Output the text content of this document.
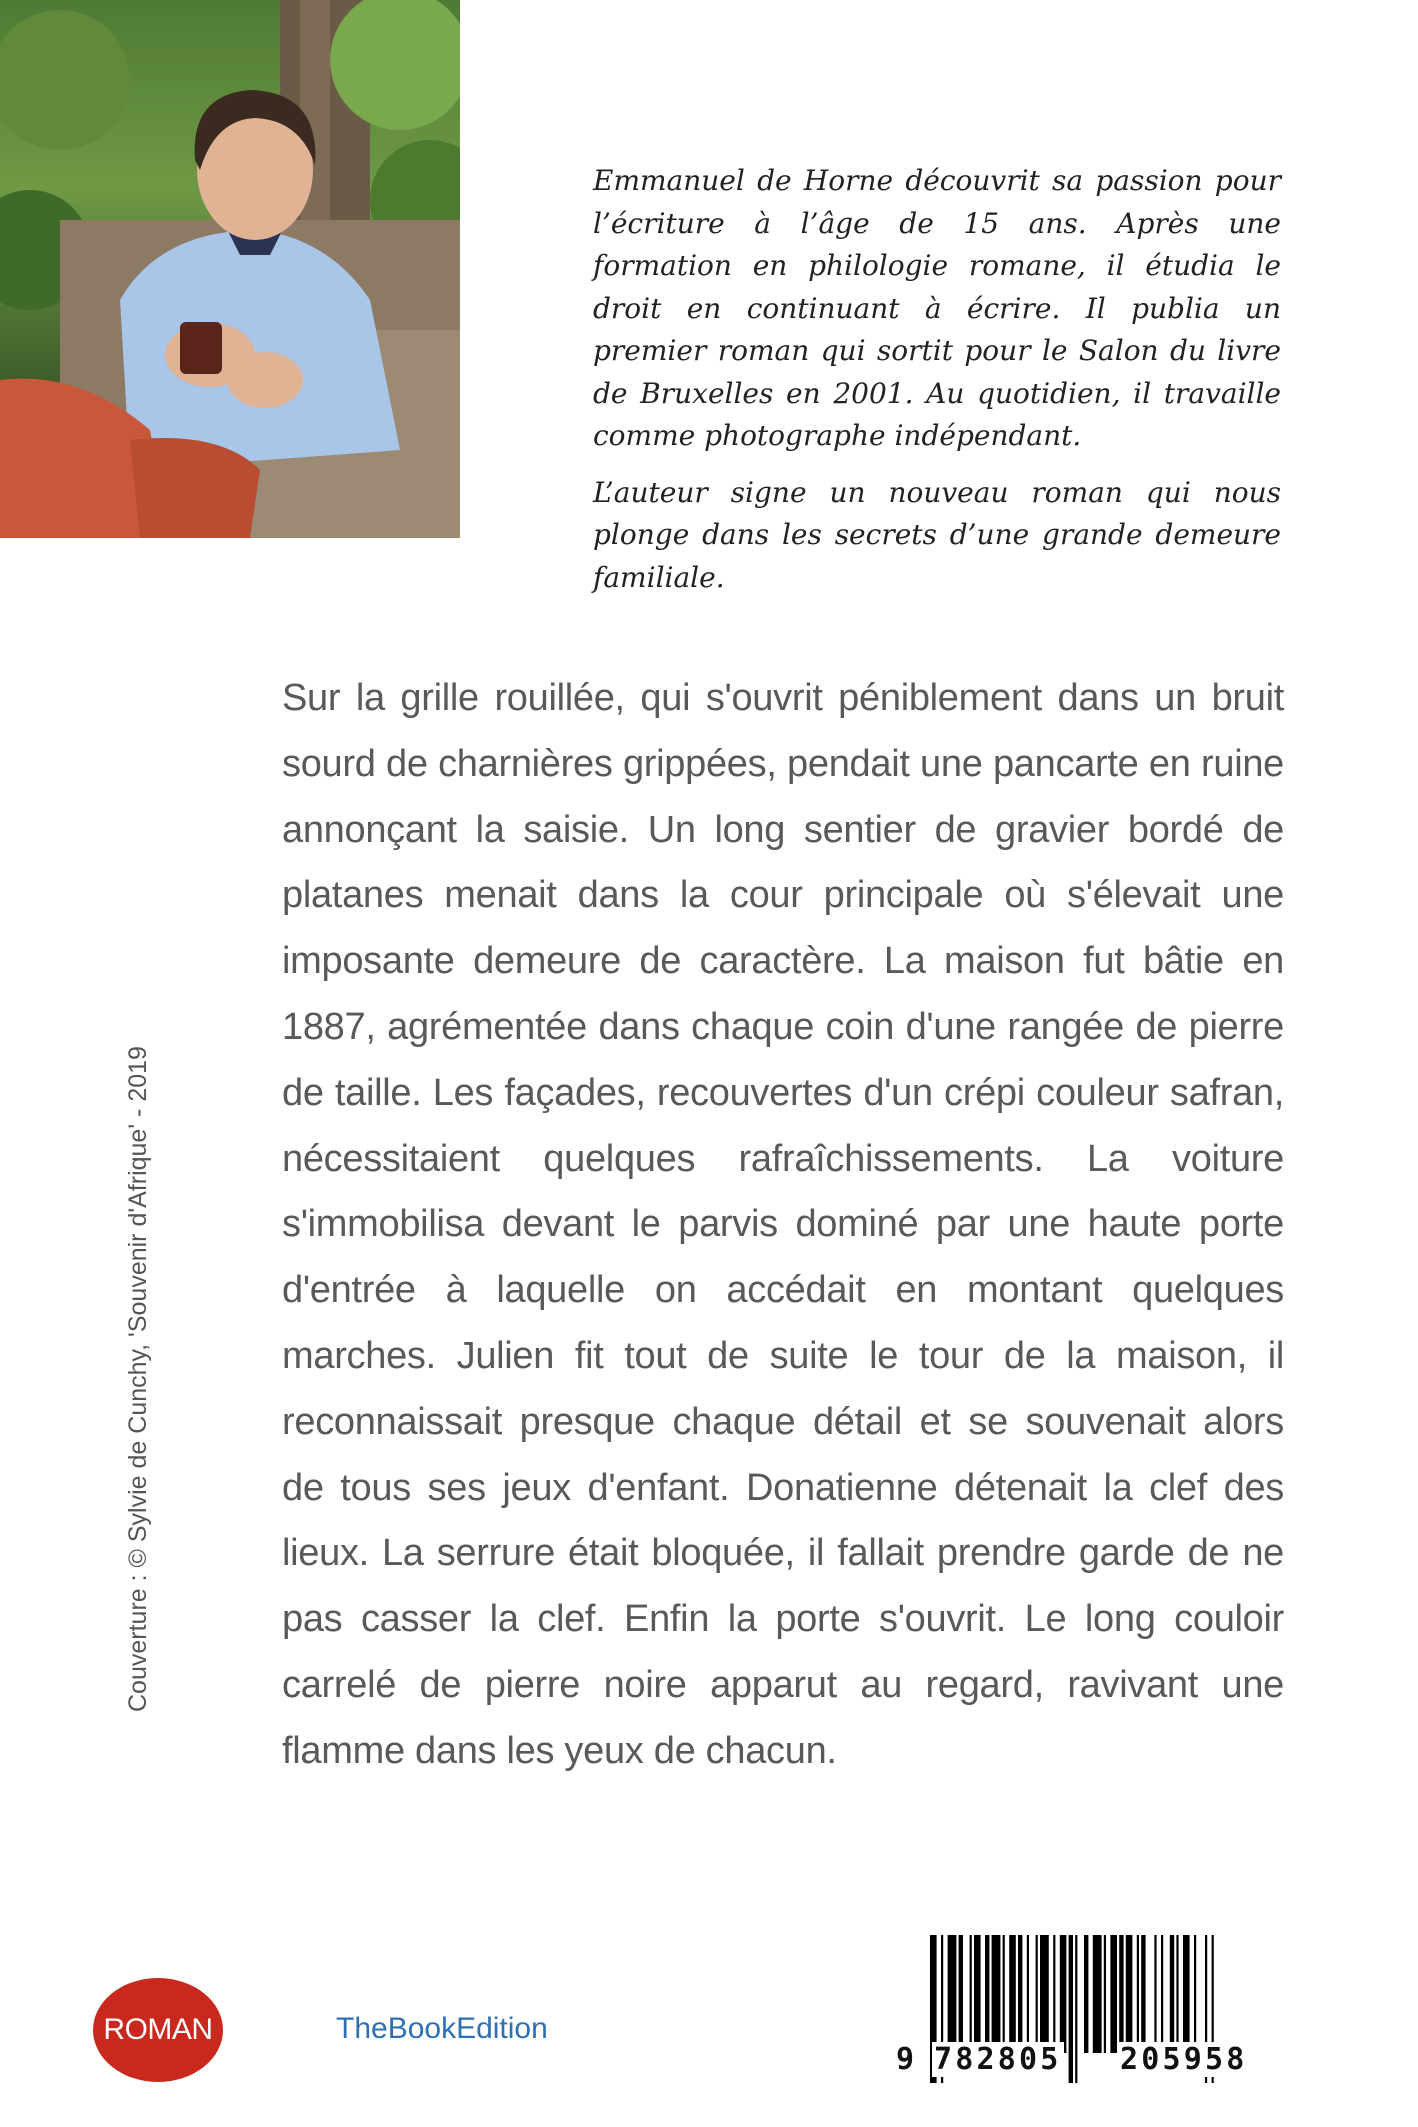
Emmanuel de Horne découvrit sa passion pour l’écriture à l’âge de 15 ans. Après une formation en philologie romane, il étudia le droit en continuant à écrire. Il publia un premier roman qui sortit pour le Salon du livre de Bruxelles en 2001. Au quotidien, il travaille comme photographe indépendant.

L’auteur signe un nouveau roman qui nous plonge dans les secrets d’une grande demeure familiale.

Sur la grille rouillée, qui s'ouvrit péniblement dans un bruit sourd de charnières grippées, pendait une pancarte en ruine annonçant la saisie. Un long sentier de gravier bordé de platanes menait dans la cour principale où s'élevait une imposante demeure de caractère. La maison fut bâtie en 1887, agrémentée dans chaque coin d'une rangée de pierre de taille. Les façades, recouvertes d'un crépi couleur safran, nécessitaient quelques rafraîchissements. La voiture s'immobilisa devant le parvis dominé par une haute porte d'entrée à laquelle on accédait en montant quelques marches. Julien fit tout de suite le tour de la maison, il reconnaissait presque chaque détail et se souvenait alors de tous ses jeux d'enfant. Donatienne détenait la clef des lieux. La serrure était bloquée, il fallait prendre garde de ne pas casser la clef. Enfin la porte s'ouvrit. Le long couloir carrelé de pierre noire apparut au regard, ravivant une flamme dans les yeux de chacun.
Couverture : © Sylvie de Cunchy, 'Souvenir d'Afrique' - 2019
ROMAN	TheBookEdition
9 782805 205958
